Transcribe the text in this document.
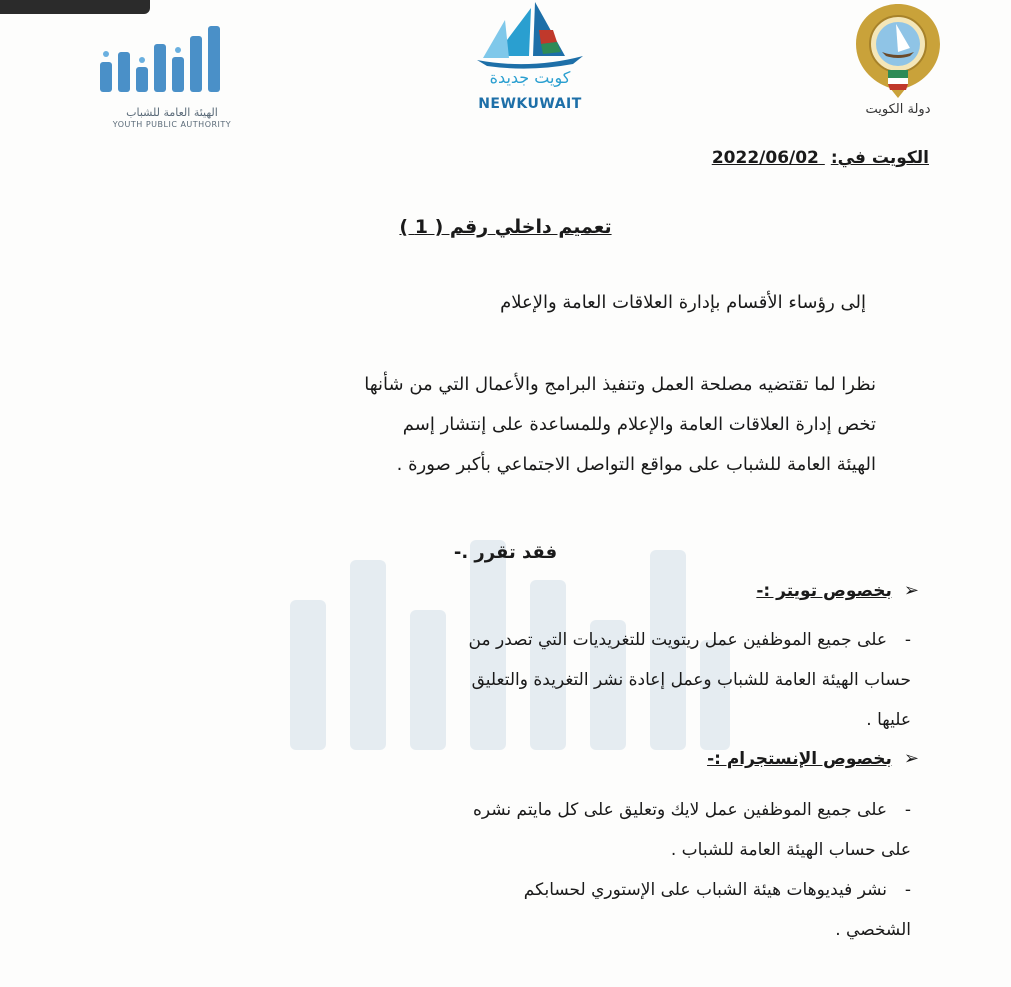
الهيئة العامة للشباب
YOUTH PUBLIC AUTHORITY
كويت جديدة
NEWKUWAIT	دولة الكويت
الكويت في: 2022/06/02
تعميم داخلي رقم ( 1 )
إلى رؤساء الأقسام بإدارة العلاقات العامة والإعلام

نظرا لما تقتضيه مصلحة العمل وتنفيذ البرامج والأعمال التي من شأنها

تخص إدارة العلاقات العامة والإعلام وللمساعدة على إنتشار إسم

الهيئة العامة للشباب على مواقع التواصل الاجتماعي بأكبر صورة .

فقد تقرر .-
➢بخصوص تويتر :-

-على جميع الموظفين عمل ريتويت للتغريديات التي تصدر من

حساب الهيئة العامة للشباب وعمل إعادة نشر التغريدة والتعليق

عليها .

➢بخصوص الإنستجرام :-

-على جميع الموظفين عمل لايك وتعليق على كل مايتم نشره

على حساب الهيئة العامة للشباب .

-نشر فيديوهات هيئة الشباب على الإستوري لحسابكم

الشخصي .
